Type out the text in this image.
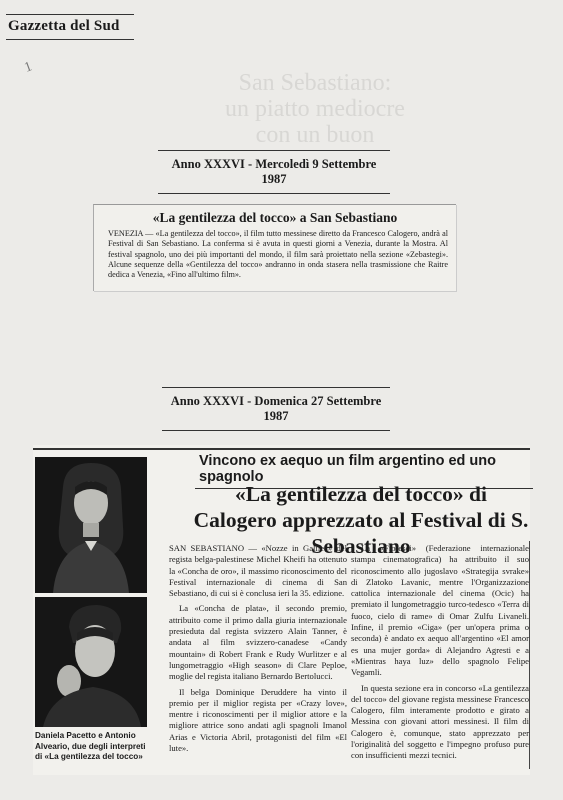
Gazzetta del Sud
1
San Sebastiano: un piatto mediocre con un buon
Anno XXXVI - Mercoledì 9 Settembre 1987
«La gentilezza del tocco» a San Sebastiano
VENEZIA — «La gentilezza del tocco», il film tutto messinese diretto da Francesco Calogero, andrà al Festival di San Sebastiano. La conferma si è avuta in questi giorni a Venezia, durante la Mostra. Al festival spagnolo, uno dei più importanti del mondo, il film sarà proiettato nella sezione «Zebastegi». Alcune sequenze della «Gentilezza del tocco» andranno in onda stasera nella trasmissione che Raitre dedica a Venezia, «Fino all'ultimo film».
Anno XXXVI - Domenica 27 Settembre 1987
Daniela Pacetto e Antonio Alveario, due degli interpreti di «La gentilezza del tocco»
Vincono ex aequo un film argentino ed uno spagnolo
«La gentilezza del tocco» di Calogero apprezzato al Festival di S. Sebastiano

SAN SEBASTIANO — «Nozze in Galilea» del regista belga-palestinese Michel Kheifi ha ottenuto la «Concha de oro», il massimo riconoscimento del Festival internazionale di cinema di San Sebastiano, di cui si è conclusa ieri la 35. edizione.

La «Concha de plata», il secondo premio, attribuito come il primo dalla giuria internazionale presieduta dal regista svizzero Alain Tanner, è andata al film svizzero-canadese «Candy mountain» di Robert Frank e Rudy Wurlitzer e al lungometraggio «High season» di Clare Peploe, moglie del regista italiano Bernardo Bertolucci.

Il belga Dominique Deruddere ha vinto il premio per il miglior regista per «Crazy love», mentre i riconoscimenti per il miglior attore e la migliore attrice sono andati agli spagnoli Imanol Arias e Victoria Abril, protagonisti del film «El lute».

La «Fipresci» (Federazione internazionale stampa cinematografica) ha attribuito il suo riconoscimento allo jugoslavo «Strategija svrake» di Zlatoko Lavanic, mentre l'Organizzazione cattolica internazionale del cinema (Ocic) ha premiato il lungometraggio turco-tedesco «Terra di fuoco, cielo di rame» di Omar Zulfu Livaneli. Infine, il premio «Ciga» (per un'opera prima o seconda) è andato ex aequo all'argentino «El amor es una mujer gorda» di Alejandro Agresti e a «Mientras haya luz» dello spagnolo Felipe Vegamli.

In questa sezione era in concorso «La gentilezza del tocco» del giovane regista messinese Francesco Calogero, film interamente prodotto e girato a Messina con giovani attori messinesi. Il film di Calogero è, comunque, stato apprezzato per l'originalità del soggetto e l'impegno profuso pure con insufficienti mezzi tecnici.
